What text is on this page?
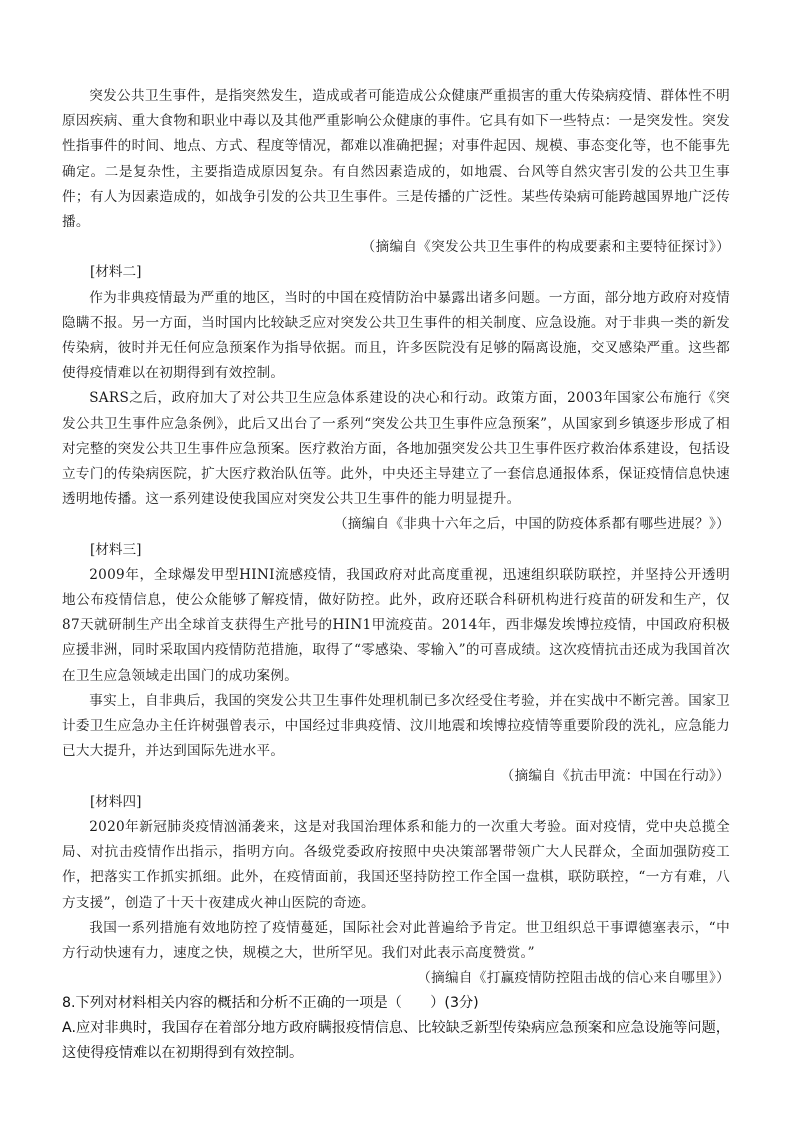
突发公共卫生事件，是指突然发生，造成或者可能造成公众健康严重损害的重大传染病疫情、群体性不明原因疾病、重大食物和职业中毒以及其他严重影响公众健康的事件。它具有如下一些特点：一是突发性。突发性指事件的时间、地点、方式、程度等情况，都难以准确把握；对事件起因、规模、事态变化等，也不能事先确定。二是复杂性，主要指造成原因复杂。有自然因素造成的，如地震、台风等自然灾害引发的公共卫生事件；有人为因素造成的，如战争引发的公共卫生事件。三是传播的广泛性。某些传染病可能跨越国界地广泛传播。

（摘编自《突发公共卫生事件的构成要素和主要特征探讨》）

[材料二]

作为非典疫情最为严重的地区，当时的中国在疫情防治中暴露出诸多问题。一方面，部分地方政府对疫情隐瞒不报。另一方面，当时国内比较缺乏应对突发公共卫生事件的相关制度、应急设施。对于非典一类的新发传染病，彼时并无任何应急预案作为指导依据。而且，许多医院没有足够的隔离设施，交叉感染严重。这些都使得疫情难以在初期得到有效控制。

SARS之后，政府加大了对公共卫生应急体系建设的决心和行动。政策方面，2003年国家公布施行《突发公共卫生事件应急条例》，此后又出台了一系列“突发公共卫生事件应急预案”，从国家到乡镇逐步形成了相对完整的突发公共卫生事件应急预案。医疗救治方面，各地加强突发公共卫生事件医疗救治体系建设，包括设立专门的传染病医院，扩大医疗救治队伍等。此外，中央还主导建立了一套信息通报体系，保证疫情信息快速透明地传播。这一系列建设使我国应对突发公共卫生事件的能力明显提升。

（摘编自《非典十六年之后，中国的防疫体系都有哪些进展？》）

[材料三]

2009年，全球爆发甲型HINI流感疫情，我国政府对此高度重视，迅速组织联防联控，并坚持公开透明地公布疫情信息，使公众能够了解疫情，做好防控。此外，政府还联合科研机构进行疫苗的研发和生产，仅87天就研制生产出全球首支获得生产批号的HIN1甲流疫苗。2014年，西非爆发埃博拉疫情，中国政府积极应援非洲，同时采取国内疫情防范措施，取得了“零感染、零输入”的可喜成绩。这次疫情抗击还成为我国首次在卫生应急领域走出国门的成功案例。

事实上，自非典后，我国的突发公共卫生事件处理机制已多次经受住考验，并在实战中不断完善。国家卫计委卫生应急办主任许树强曾表示，中国经过非典疫情、汶川地震和埃博拉疫情等重要阶段的洗礼，应急能力已大大提升，并达到国际先进水平。

（摘编自《抗击甲流：中国在行动》）

[材料四]

2020年新冠肺炎疫情汹涌袭来，这是对我国治理体系和能力的一次重大考验。面对疫情，党中央总揽全局、对抗击疫情作出指示，指明方向。各级党委政府按照中央决策部署带领广大人民群众，全面加强防疫工作，把落实工作抓实抓细。此外，在疫情面前，我国还坚持防控工作全国一盘棋，联防联控，“一方有难，八方支援”，创造了十天十夜建成火神山医院的奇迹。

我国一系列措施有效地防控了疫情蔓延，国际社会对此普遍给予肯定。世卫组织总干事谭德塞表示，“中方行动快速有力，速度之快，规模之大，世所罕见。我们对此表示高度赞赏。”

（摘编自《打赢疫情防控阻击战的信心来自哪里》）

8.下列对材料相关内容的概括和分析不正确的一项是（　　）(3分)

A.应对非典时，我国存在着部分地方政府瞒报疫情信息、比较缺乏新型传染病应急预案和应急设施等问题，这使得疫情难以在初期得到有效控制。
